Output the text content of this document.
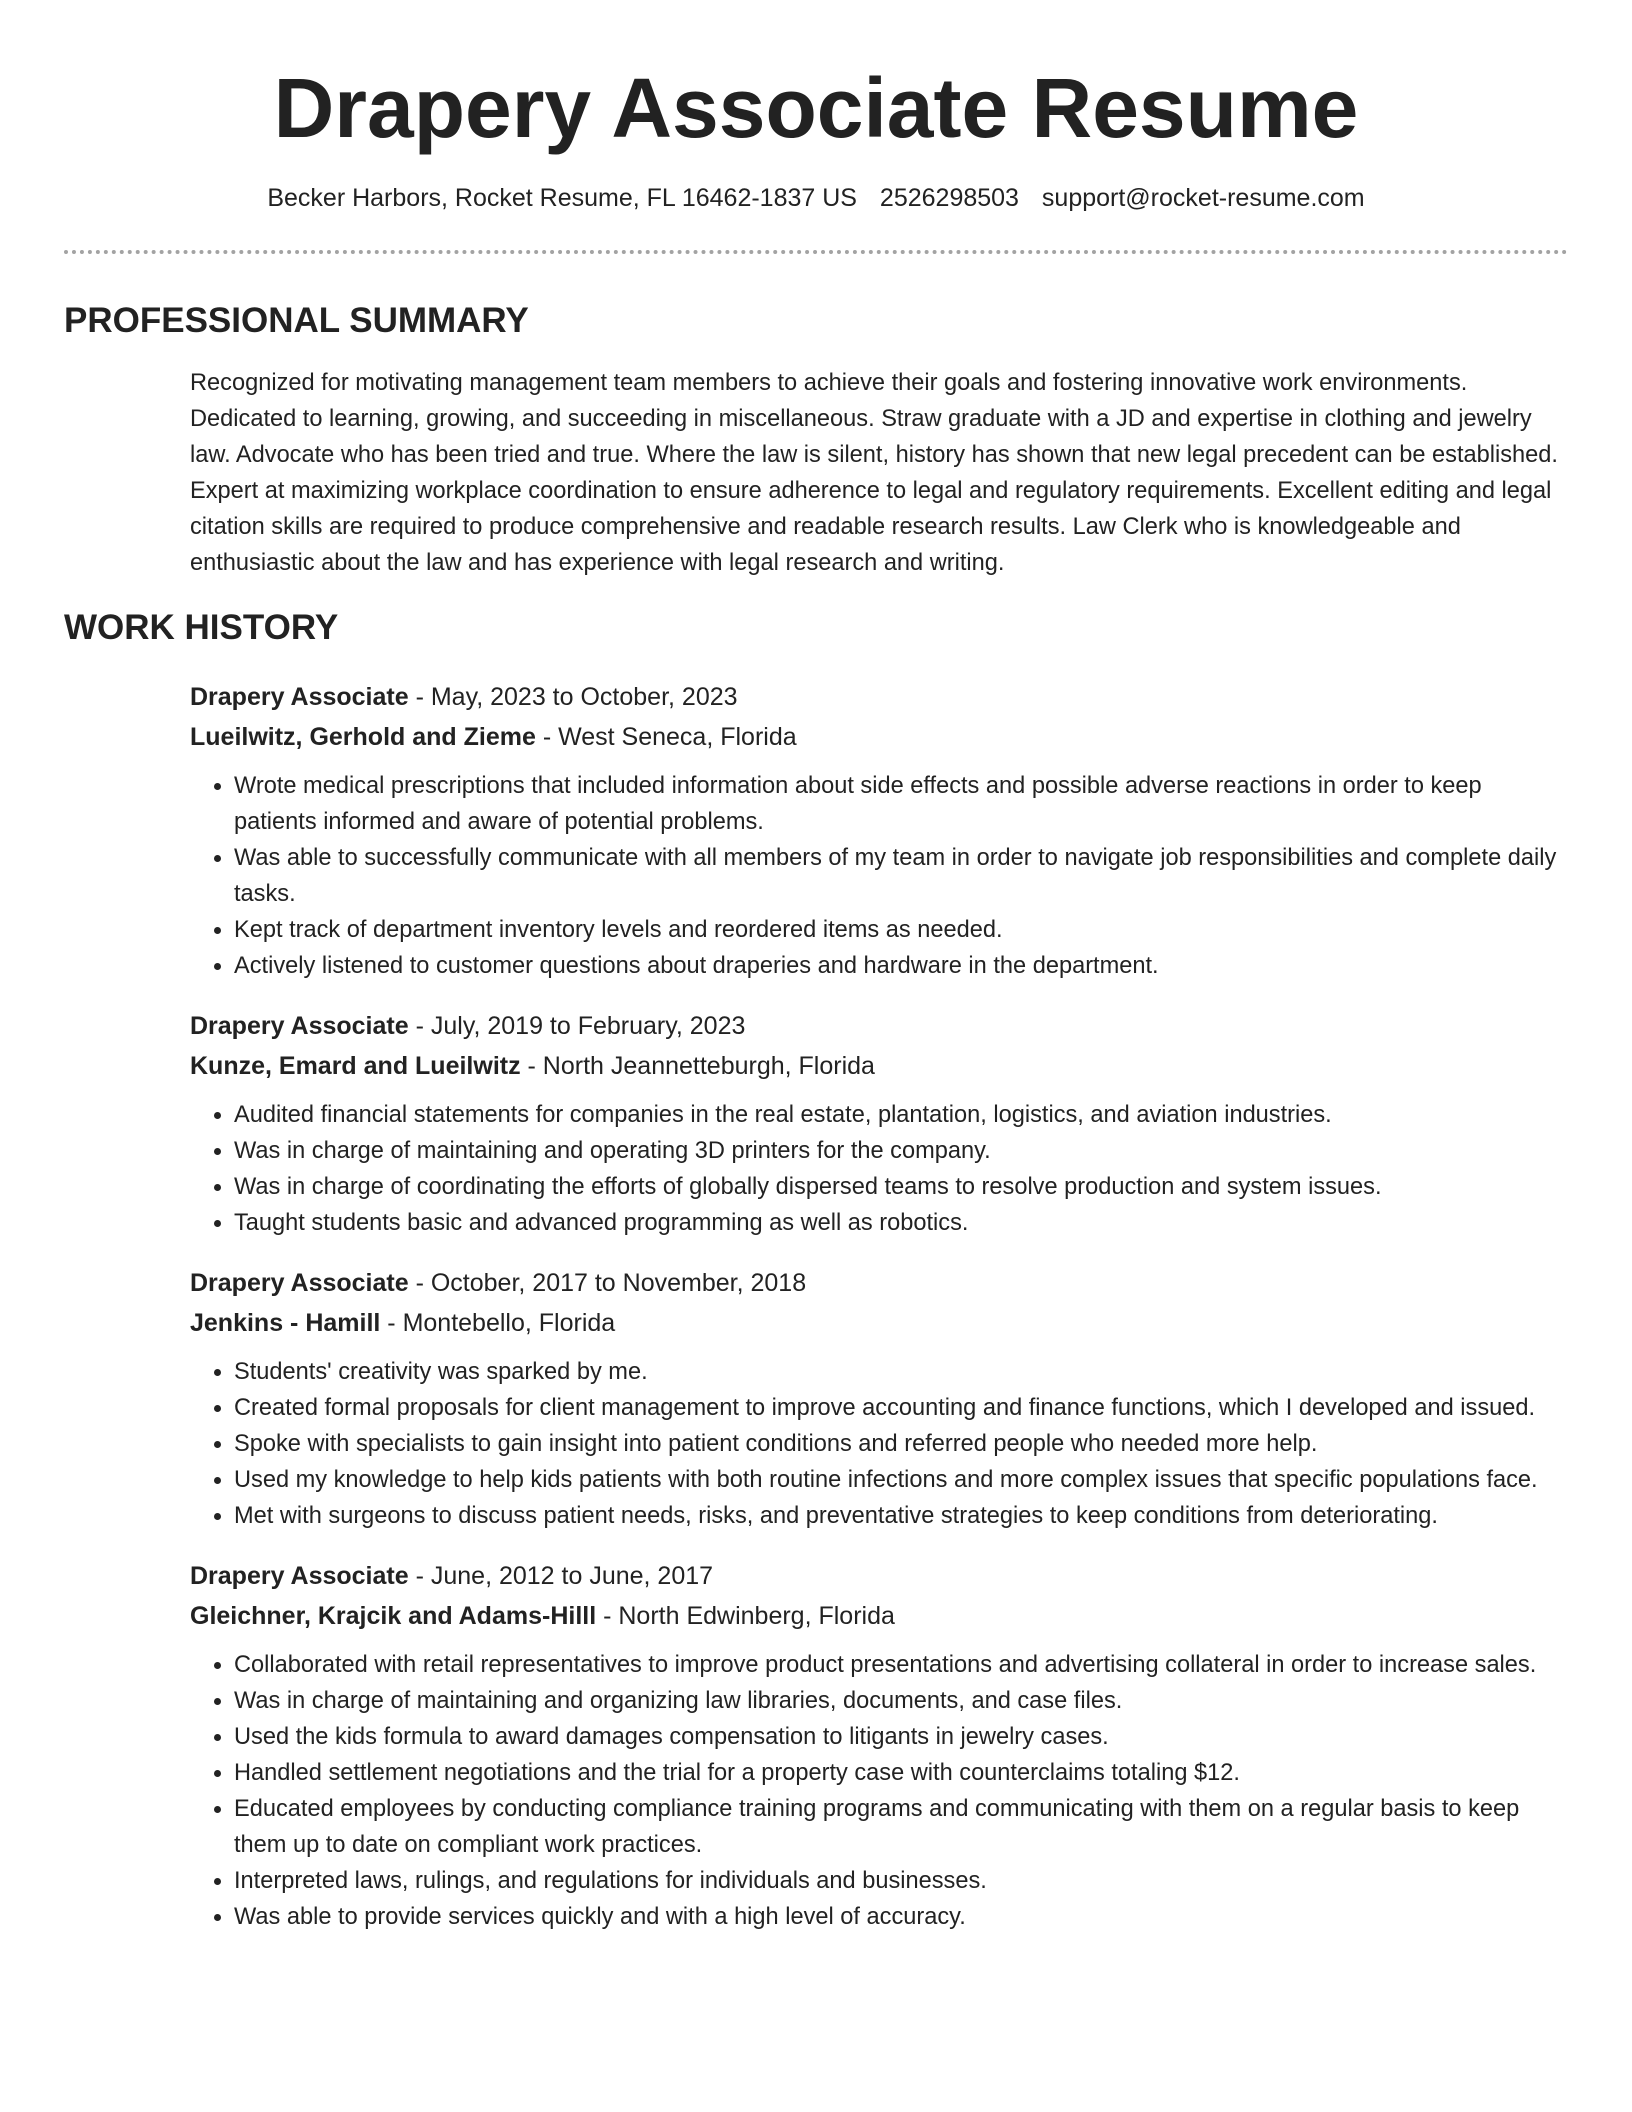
Drapery Associate Resume
Becker Harbors, Rocket Resume, FL 16462-1837 US 2526298503 support@rocket-resume.com
PROFESSIONAL SUMMARY

Recognized for motivating management team members to achieve their goals and fostering innovative work environments. Dedicated to learning, growing, and succeeding in miscellaneous. Straw graduate with a JD and expertise in clothing and jewelry law. Advocate who has been tried and true. Where the law is silent, history has shown that new legal precedent can be established. Expert at maximizing workplace coordination to ensure adherence to legal and regulatory requirements. Excellent editing and legal citation skills are required to produce comprehensive and readable research results. Law Clerk who is knowledgeable and enthusiastic about the law and has experience with legal research and writing.

WORK HISTORY
Drapery Associate - May, 2023 to October, 2023
Lueilwitz, Gerhold and Zieme - West Seneca, Florida
• Wrote medical prescriptions that included information about side effects and possible adverse reactions in order to keep patients informed and aware of potential problems.
• Was able to successfully communicate with all members of my team in order to navigate job responsibilities and complete daily tasks.
• Kept track of department inventory levels and reordered items as needed.
• Actively listened to customer questions about draperies and hardware in the department.
Drapery Associate - July, 2019 to February, 2023
Kunze, Emard and Lueilwitz - North Jeannetteburgh, Florida
• Audited financial statements for companies in the real estate, plantation, logistics, and aviation industries.
• Was in charge of maintaining and operating 3D printers for the company.
• Was in charge of coordinating the efforts of globally dispersed teams to resolve production and system issues.
• Taught students basic and advanced programming as well as robotics.
Drapery Associate - October, 2017 to November, 2018
Jenkins - Hamill - Montebello, Florida
• Students' creativity was sparked by me.
• Created formal proposals for client management to improve accounting and finance functions, which I developed and issued.
• Spoke with specialists to gain insight into patient conditions and referred people who needed more help.
• Used my knowledge to help kids patients with both routine infections and more complex issues that specific populations face.
• Met with surgeons to discuss patient needs, risks, and preventative strategies to keep conditions from deteriorating.
Drapery Associate - June, 2012 to June, 2017
Gleichner, Krajcik and Adams-Hilll - North Edwinberg, Florida
• Collaborated with retail representatives to improve product presentations and advertising collateral in order to increase sales.
• Was in charge of maintaining and organizing law libraries, documents, and case files.
• Used the kids formula to award damages compensation to litigants in jewelry cases.
• Handled settlement negotiations and the trial for a property case with counterclaims totaling $12.
• Educated employees by conducting compliance training programs and communicating with them on a regular basis to keep them up to date on compliant work practices.
• Interpreted laws, rulings, and regulations for individuals and businesses.
• Was able to provide services quickly and with a high level of accuracy.
